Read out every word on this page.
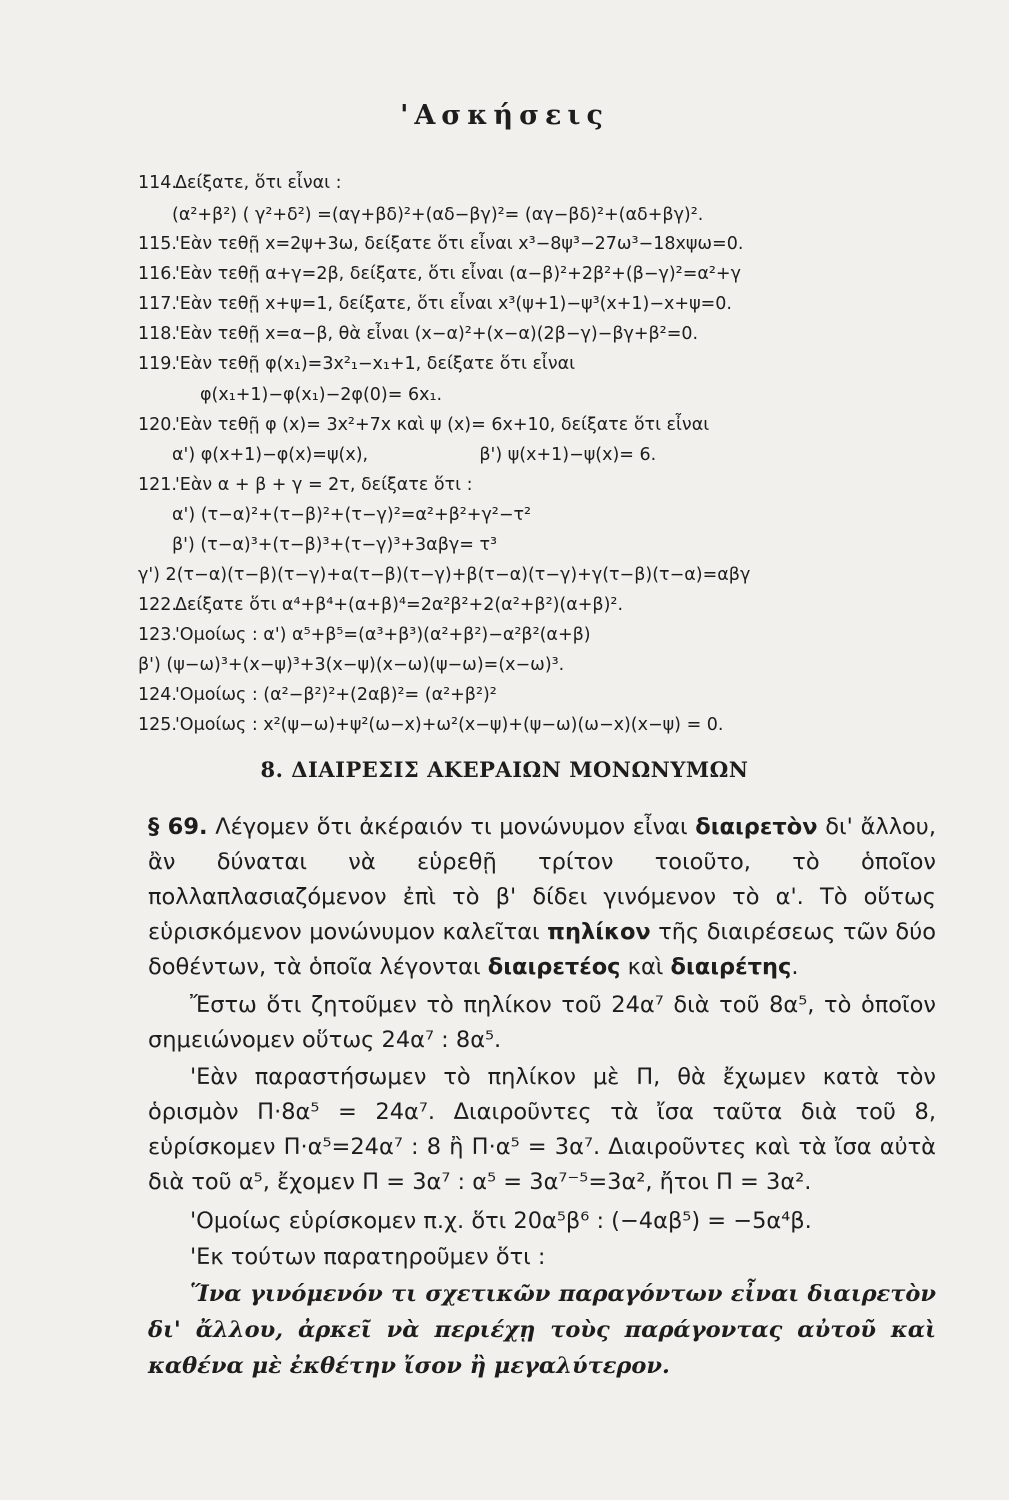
'Ασκήσεις
114.Δείξατε, ὅτι εἶναι :
(α²+β²) ( γ²+δ²) =(αγ+βδ)²+(αδ−βγ)²= (αγ−βδ)²+(αδ+βγ)².
115.'Εὰν τεθῇ x=2ψ+3ω, δείξατε ὅτι εἶναι x³−8ψ³−27ω³−18xψω=0.
116.'Εὰν τεθῇ α+γ=2β, δείξατε, ὅτι εἶναι (α−β)²+2β²+(β−γ)²=α²+γ
117.'Εὰν τεθῇ x+ψ=1, δείξατε, ὅτι εἶναι x³(ψ+1)−ψ³(x+1)−x+ψ=0.
118.'Εὰν τεθῇ x=α−β, θὰ εἶναι (x−α)²+(x−α)(2β−γ)−βγ+β²=0.
119.'Εὰν τεθῇ φ(x₁)=3x²₁−x₁+1, δείξατε ὅτι εἶναι
φ(x₁+1)−φ(x₁)−2φ(0)= 6x₁.
120.'Εὰν τεθῇ φ (x)= 3x²+7x καὶ ψ (x)= 6x+10, δείξατε ὅτι εἶναι
α') φ(x+1)−φ(x)=ψ(x),                    β') ψ(x+1)−ψ(x)= 6.
121.'Εὰν α + β + γ = 2τ, δείξατε ὅτι :
α') (τ−α)²+(τ−β)²+(τ−γ)²=α²+β²+γ²−τ²
β') (τ−α)³+(τ−β)³+(τ−γ)³+3αβγ= τ³
γ') 2(τ−α)(τ−β)(τ−γ)+α(τ−β)(τ−γ)+β(τ−α)(τ−γ)+γ(τ−β)(τ−α)=αβγ
122.Δείξατε ὅτι α⁴+β⁴+(α+β)⁴=2α²β²+2(α²+β²)(α+β)².
123.'Ομοίως : α') α⁵+β⁵=(α³+β³)(α²+β²)−α²β²(α+β)
β') (ψ−ω)³+(x−ψ)³+3(x−ψ)(x−ω)(ψ−ω)=(x−ω)³.
124.'Ομοίως : (α²−β²)²+(2αβ)²= (α²+β²)²
125.'Ομοίως : x²(ψ−ω)+ψ²(ω−x)+ω²(x−ψ)+(ψ−ω)(ω−x)(x−ψ) = 0.
8. ΔΙΑΙΡΕΣΙΣ ΑΚΕΡΑΙΩΝ ΜΟΝΩΝΥΜΩΝ
§ 69. Λέγομεν ὅτι ἀκέραιόν τι μονώνυμον εἶναι διαιρετὸν δι' ἄλλου, ἂν δύναται νὰ εὑρεθῇ τρίτον τοιοῦτο, τὸ ὁποῖον πολλαπλασιαζόμενον ἐπὶ τὸ β' δίδει γινόμενον τὸ α'. Τὸ οὕτως εὑρισκόμενον μονώνυμον καλεῖται πηλίκον τῆς διαιρέσεως τῶν δύο δοθέντων, τὰ ὁποῖα λέγονται διαιρετέος καὶ διαιρέτης.
Ἔστω ὅτι ζητοῦμεν τὸ πηλίκον τοῦ 24α⁷ διὰ τοῦ 8α⁵, τὸ ὁποῖον σημειώνομεν οὕτως 24α⁷ : 8α⁵.
'Εὰν παραστήσωμεν τὸ πηλίκον μὲ Π, θὰ ἔχωμεν κατὰ τὸν ὁρισμὸν Π·8α⁵ = 24α⁷. Διαιροῦντες τὰ ἴσα ταῦτα διὰ τοῦ 8, εὑρίσκομεν Π·α⁵=24α⁷ : 8 ἢ Π·α⁵ = 3α⁷. Διαιροῦντες καὶ τὰ ἴσα αὐτὰ διὰ τοῦ α⁵, ἔχομεν Π = 3α⁷ : α⁵ = 3α⁷⁻⁵=3α², ἤτοι Π = 3α².
'Ομοίως εὑρίσκομεν π.χ. ὅτι 20α⁵β⁶ : (−4αβ⁵) = −5α⁴β.
'Εκ τούτων παρατηροῦμεν ὅτι :
Ἵνα γινόμενόν τι σχετικῶν παραγόντων εἶναι διαιρετὸν δι' ἄλλου, ἀρκεῖ νὰ περιέχῃ τοὺς παράγοντας αὐτοῦ καὶ καθένα μὲ ἐκθέτην ἴσον ἢ μεγαλύτερον.
